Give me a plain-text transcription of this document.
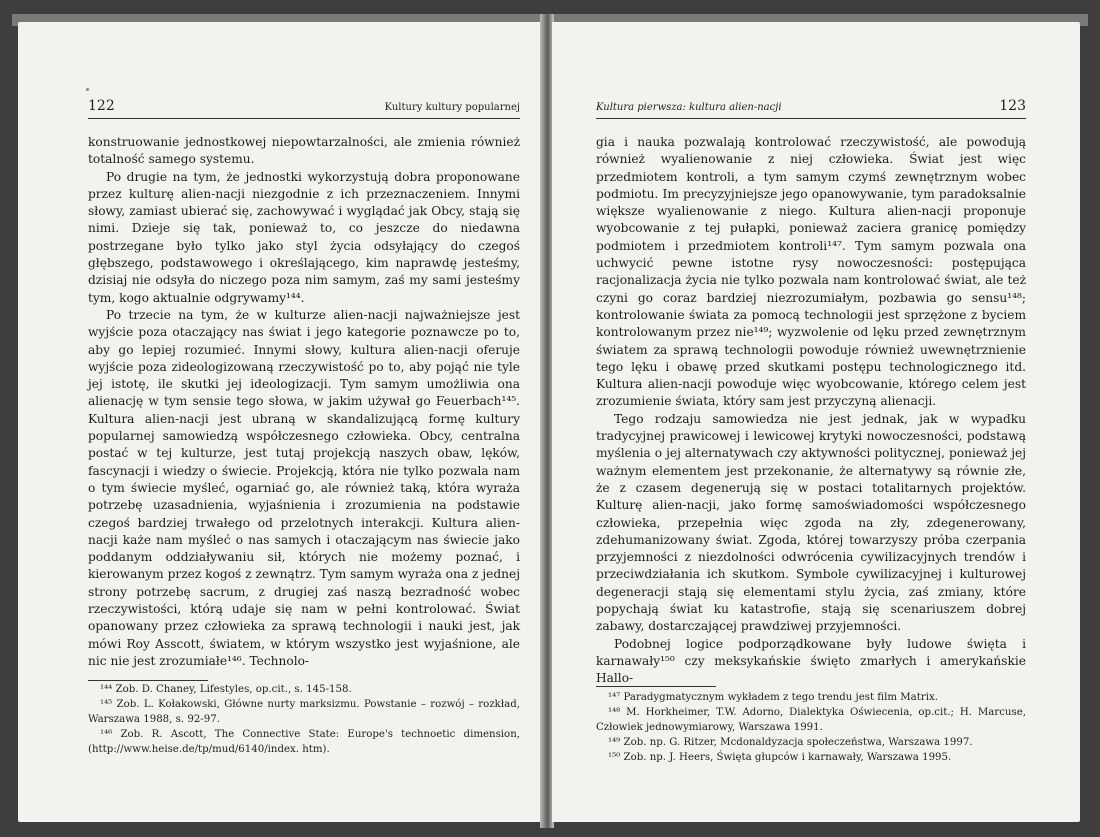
122	Kultury kultury popularnej

konstruowanie jednostkowej niepowtarzalności, ale zmienia również totalność samego systemu.

Po drugie na tym, że jednostki wykorzystują dobra proponowane przez kulturę alien-nacji niezgodnie z ich przeznaczeniem. Innymi słowy, zamiast ubierać się, zachowywać i wyglądać jak Obcy, stają się nimi. Dzieje się tak, ponieważ to, co jeszcze do niedawna postrzegane było tylko jako styl życia odsyłający do czegoś głębszego, podstawowego i określającego, kim naprawdę jesteśmy, dzisiaj nie odsyła do niczego poza nim samym, zaś my sami jesteśmy tym, kogo aktualnie odgrywamy¹⁴⁴.

Po trzecie na tym, że w kulturze alien-nacji najważniejsze jest wyjście poza otaczający nas świat i jego kategorie poznawcze po to, aby go lepiej rozumieć. Innymi słowy, kultura alien-nacji oferuje wyjście poza zideologizowaną rzeczywistość po to, aby pojąć nie tyle jej istotę, ile skutki jej ideologizacji. Tym samym umożliwia ona alienację w tym sensie tego słowa, w jakim używał go Feuerbach¹⁴⁵. Kultura alien-nacji jest ubraną w skandalizującą formę kultury popularnej samowiedzą współczesnego człowieka. Obcy, centralna postać w tej kulturze, jest tutaj projekcją naszych obaw, lęków, fascynacji i wiedzy o świecie. Projekcją, która nie tylko pozwala nam o tym świecie myśleć, ogarniać go, ale również taką, która wyraża potrzebę uzasadnienia, wyjaśnienia i zrozumienia na podstawie czegoś bardziej trwałego od przelotnych interakcji. Kultura alien-nacji każe nam myśleć o nas samych i otaczającym nas świecie jako poddanym oddziaływaniu sił, których nie możemy poznać, i kierowanym przez kogoś z zewnątrz. Tym samym wyraża ona z jednej strony potrzebę sacrum, z drugiej zaś naszą bezradność wobec rzeczywistości, którą udaje się nam w pełni kontrolować. Świat opanowany przez człowieka za sprawą technologii i nauki jest, jak mówi Roy Asscott, światem, w którym wszystko jest wyjaśnione, ale nic nie jest zrozumiałe¹⁴⁶. Technolo-

¹⁴⁴ Zob. D. Chaney, Lifestyles, op.cit., s. 145-158.
¹⁴⁵ Zob. L. Kołakowski, Główne nurty marksizmu. Powstanie – rozwój – rozkład, Warszawa 1988, s. 92-97.
¹⁴⁶ Zob. R. Ascott, The Connective State: Europe's technoetic dimension, (http://www.heise.de/tp/mud/6140/index. htm).
Kultura pierwsza: kultura alien-nacji	123

gia i nauka pozwalają kontrolować rzeczywistość, ale powodują również wyalienowanie z niej człowieka. Świat jest więc przedmiotem kontroli, a tym samym czymś zewnętrznym wobec podmiotu. Im precyzyjniejsze jego opanowywanie, tym paradoksalnie większe wyalienowanie z niego. Kultura alien-nacji proponuje wyobcowanie z tej pułapki, ponieważ zaciera granicę pomiędzy podmiotem i przedmiotem kontroli¹⁴⁷. Tym samym pozwala ona uchwycić pewne istotne rysy nowoczesności: postępująca racjonalizacja życia nie tylko pozwala nam kontrolować świat, ale też czyni go coraz bardziej niezrozumiałym, pozbawia go sensu¹⁴⁸; kontrolowanie świata za pomocą technologii jest sprzężone z byciem kontrolowanym przez nie¹⁴⁹; wyzwolenie od lęku przed zewnętrznym światem za sprawą technologii powoduje również uwewnętrznienie tego lęku i obawę przed skutkami postępu technologicznego itd. Kultura alien-nacji powoduje więc wyobcowanie, którego celem jest zrozumienie świata, który sam jest przyczyną alienacji.

Tego rodzaju samowiedza nie jest jednak, jak w wypadku tradycyjnej prawicowej i lewicowej krytyki nowoczesności, podstawą myślenia o jej alternatywach czy aktywności politycznej, ponieważ jej ważnym elementem jest przekonanie, że alternatywy są równie złe, że z czasem degenerują się w postaci totalitarnych projektów. Kulturę alien-nacji, jako formę samoświadomości współczesnego człowieka, przepełnia więc zgoda na zły, zdegenerowany, zdehumanizowany świat. Zgoda, której towarzyszy próba czerpania przyjemności z niezdolności odwrócenia cywilizacyjnych trendów i przeciwdziałania ich skutkom. Symbole cywilizacyjnej i kulturowej degeneracji stają się elementami stylu życia, zaś zmiany, które popychają świat ku katastrofie, stają się scenariuszem dobrej zabawy, dostarczającej prawdziwej przyjemności.

Podobnej logice podporządkowane były ludowe święta i karnawały¹⁵⁰ czy meksykańskie święto zmarłych i amerykańskie Hallo-

¹⁴⁷ Paradygmatycznym wykładem z tego trendu jest film Matrix.
¹⁴⁸ M. Horkheimer, T.W. Adorno, Dialektyka Oświecenia, op.cit.; H. Marcuse, Człowiek jednowymiarowy, Warszawa 1991.
¹⁴⁹ Zob. np. G. Ritzer, Mcdonaldyzacja społeczeństwa, Warszawa 1997.
¹⁵⁰ Zob. np. J. Heers, Święta głupców i karnawały, Warszawa 1995.
